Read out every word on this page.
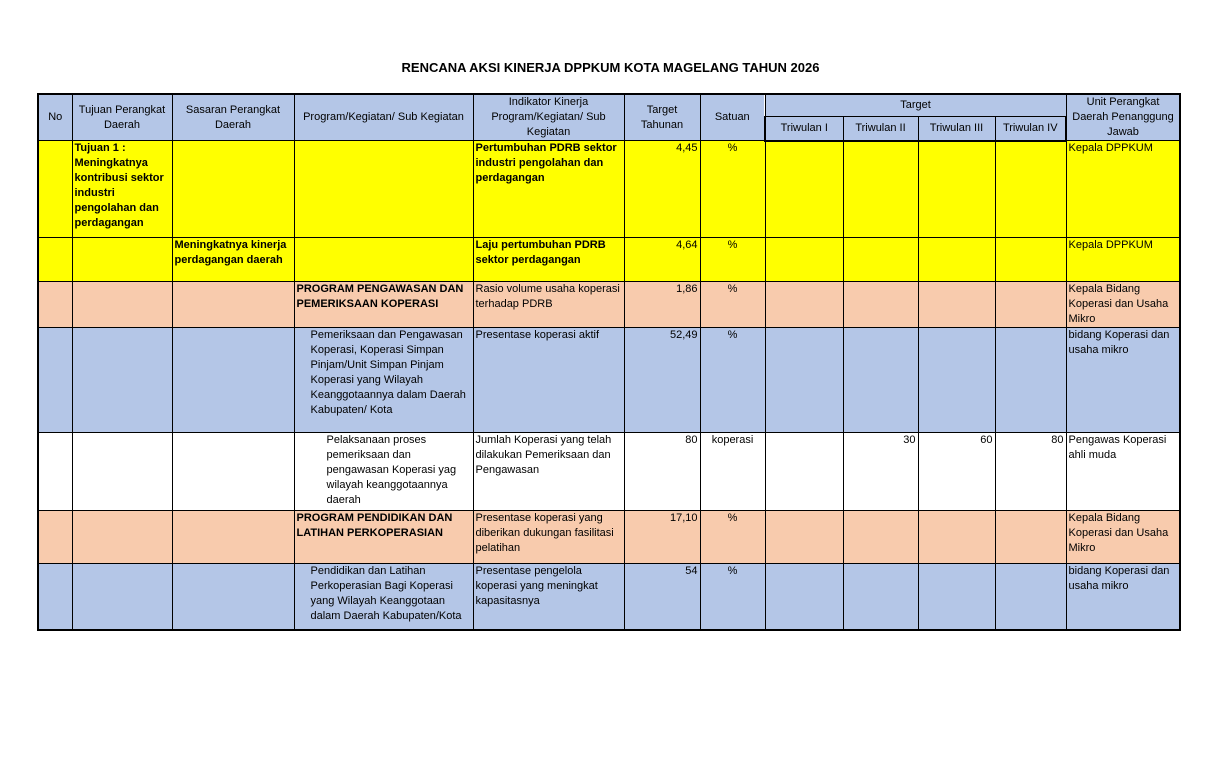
RENCANA AKSI KINERJA DPPKUM KOTA MAGELANG TAHUN 2026
No	Tujuan Perangkat Daerah	Sasaran Perangkat Daerah	Program/Kegiatan/ Sub Kegiatan	Indikator Kinerja Program/Kegiatan/ Sub Kegiatan	Target Tahunan	Satuan	Target				Unit Perangkat Daerah Penanggung Jawab
							Triwulan I	Triwulan II	Triwulan III	Triwulan IV	
	Tujuan 1 : Meningkatnya kontribusi sektor industri pengolahan dan perdagangan			Pertumbuhan PDRB sektor industri pengolahan dan perdagangan	4,45	%					Kepala DPPKUM
		Meningkatnya kinerja perdagangan daerah		Laju pertumbuhan PDRB sektor perdagangan	4,64	%					Kepala DPPKUM
			PROGRAM PENGAWASAN DAN PEMERIKSAAN KOPERASI	Rasio volume usaha koperasi terhadap PDRB	1,86	%					Kepala Bidang Koperasi dan Usaha Mikro
			Pemeriksaan dan Pengawasan Koperasi, Koperasi Simpan Pinjam/Unit Simpan Pinjam Koperasi yang Wilayah Keanggotaannya dalam Daerah Kabupaten/ Kota	Presentase koperasi aktif	52,49	%					bidang Koperasi dan usaha mikro
			Pelaksanaan proses pemeriksaan dan pengawasan Koperasi yag wilayah keanggotaannya daerah	Jumlah Koperasi yang telah dilakukan Pemeriksaan dan Pengawasan	80	koperasi		30	60	80	Pengawas Koperasi ahli muda
			PROGRAM PENDIDIKAN DAN LATIHAN PERKOPERASIAN	Presentase koperasi yang diberikan dukungan fasilitasi pelatihan	17,10	%					Kepala Bidang Koperasi dan Usaha Mikro
			Pendidikan dan Latihan Perkoperasian Bagi Koperasi yang Wilayah Keanggotaan dalam Daerah Kabupaten/Kota	Presentase pengelola koperasi yang meningkat kapasitasnya	54	%					bidang Koperasi dan usaha mikro
